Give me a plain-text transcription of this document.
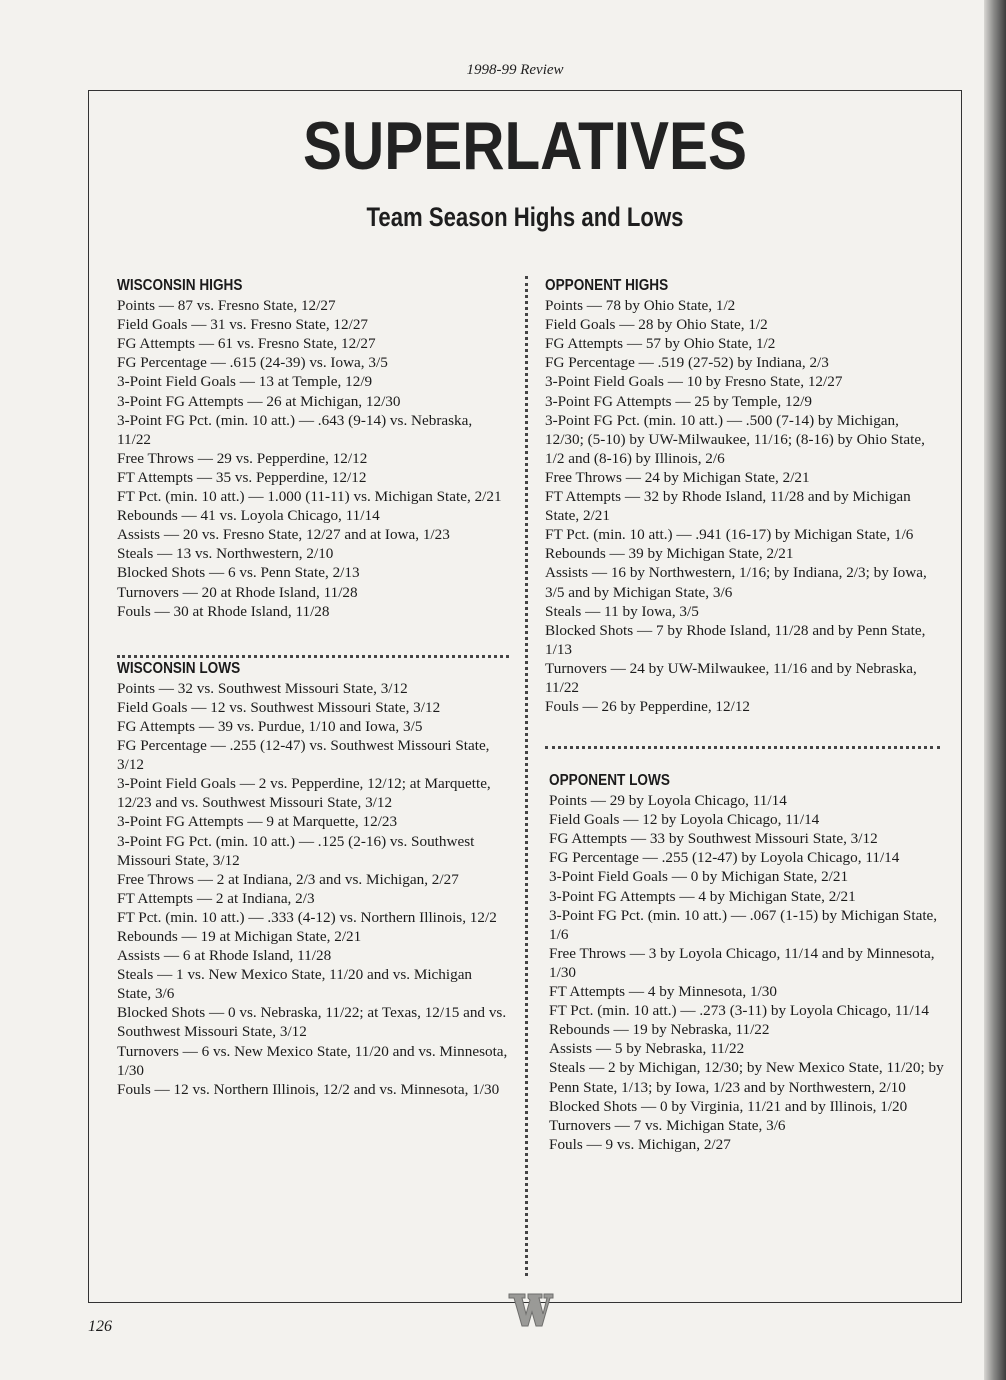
1998-99 Review
SUPERLATIVES
Team Season Highs and Lows
WISCONSIN HIGHS

Points — 87 vs. Fresno State, 12/27

Field Goals — 31 vs. Fresno State, 12/27

FG Attempts — 61 vs. Fresno State, 12/27

FG Percentage — .615 (24-39) vs. Iowa, 3/5

3-Point Field Goals — 13 at Temple, 12/9

3-Point FG Attempts — 26 at Michigan, 12/30

3-Point FG Pct. (min. 10 att.) — .643 (9-14) vs. Nebraska, 11/22

Free Throws — 29 vs. Pepperdine, 12/12

FT Attempts — 35 vs. Pepperdine, 12/12

FT Pct. (min. 10 att.) — 1.000 (11-11) vs. Michigan State, 2/21

Rebounds — 41 vs. Loyola Chicago, 11/14

Assists — 20 vs. Fresno State, 12/27 and at Iowa, 1/23

Steals — 13 vs. Northwestern, 2/10

Blocked Shots — 6 vs. Penn State, 2/13

Turnovers — 20 at Rhode Island, 11/28

Fouls — 30 at Rhode Island, 11/28

WISCONSIN LOWS

Points — 32 vs. Southwest Missouri State, 3/12

Field Goals — 12 vs. Southwest Missouri State, 3/12

FG Attempts — 39 vs. Purdue, 1/10 and Iowa, 3/5

FG Percentage — .255 (12-47) vs. Southwest Missouri State, 3/12

3-Point Field Goals — 2 vs. Pepperdine, 12/12; at Marquette, 12/23 and vs. Southwest Missouri State, 3/12

3-Point FG Attempts — 9 at Marquette, 12/23

3-Point FG Pct. (min. 10 att.) — .125 (2-16) vs. Southwest Missouri State, 3/12

Free Throws — 2 at Indiana, 2/3 and vs. Michigan, 2/27

FT Attempts — 2 at Indiana, 2/3

FT Pct. (min. 10 att.) — .333 (4-12) vs. Northern Illinois, 12/2

Rebounds — 19 at Michigan State, 2/21

Assists — 6 at Rhode Island, 11/28

Steals — 1 vs. New Mexico State, 11/20 and vs. Michigan State, 3/6

Blocked Shots — 0 vs. Nebraska, 11/22; at Texas, 12/15 and vs. Southwest Missouri State, 3/12

Turnovers — 6 vs. New Mexico State, 11/20 and vs. Minnesota, 1/30

Fouls — 12 vs. Northern Illinois, 12/2 and vs. Minnesota, 1/30

OPPONENT HIGHS

Points — 78 by Ohio State, 1/2

Field Goals — 28 by Ohio State, 1/2

FG Attempts — 57 by Ohio State, 1/2

FG Percentage — .519 (27-52) by Indiana, 2/3

3-Point Field Goals — 10 by Fresno State, 12/27

3-Point FG Attempts — 25 by Temple, 12/9

3-Point FG Pct. (min. 10 att.) — .500 (7-14) by Michigan, 12/30; (5-10) by UW-Milwaukee, 11/16; (8-16) by Ohio State, 1/2 and (8-16) by Illinois, 2/6

Free Throws — 24 by Michigan State, 2/21

FT Attempts — 32 by Rhode Island, 11/28 and by Michigan State, 2/21

FT Pct. (min. 10 att.) — .941 (16-17) by Michigan State, 1/6

Rebounds — 39 by Michigan State, 2/21

Assists — 16 by Northwestern, 1/16; by Indiana, 2/3; by Iowa, 3/5 and by Michigan State, 3/6

Steals — 11 by Iowa, 3/5

Blocked Shots — 7 by Rhode Island, 11/28 and by Penn State, 1/13

Turnovers — 24 by UW-Milwaukee, 11/16 and by Nebraska, 11/22

Fouls — 26 by Pepperdine, 12/12

OPPONENT LOWS

Points — 29 by Loyola Chicago, 11/14

Field Goals — 12 by Loyola Chicago, 11/14

FG Attempts — 33 by Southwest Missouri State, 3/12

FG Percentage — .255 (12-47) by Loyola Chicago, 11/14

3-Point Field Goals — 0 by Michigan State, 2/21

3-Point FG Attempts — 4 by Michigan State, 2/21

3-Point FG Pct. (min. 10 att.) — .067 (1-15) by Michigan State, 1/6

Free Throws — 3 by Loyola Chicago, 11/14 and by Minnesota, 1/30

FT Attempts — 4 by Minnesota, 1/30

FT Pct. (min. 10 att.) — .273 (3-11) by Loyola Chicago, 11/14

Rebounds — 19 by Nebraska, 11/22

Assists — 5 by Nebraska, 11/22

Steals — 2 by Michigan, 12/30; by New Mexico State, 11/20; by Penn State, 1/13; by Iowa, 1/23 and by Northwestern, 2/10

Blocked Shots — 0 by Virginia, 11/21 and by Illinois, 1/20

Turnovers — 7 vs. Michigan State, 3/6

Fouls — 9 vs. Michigan, 2/27

126
